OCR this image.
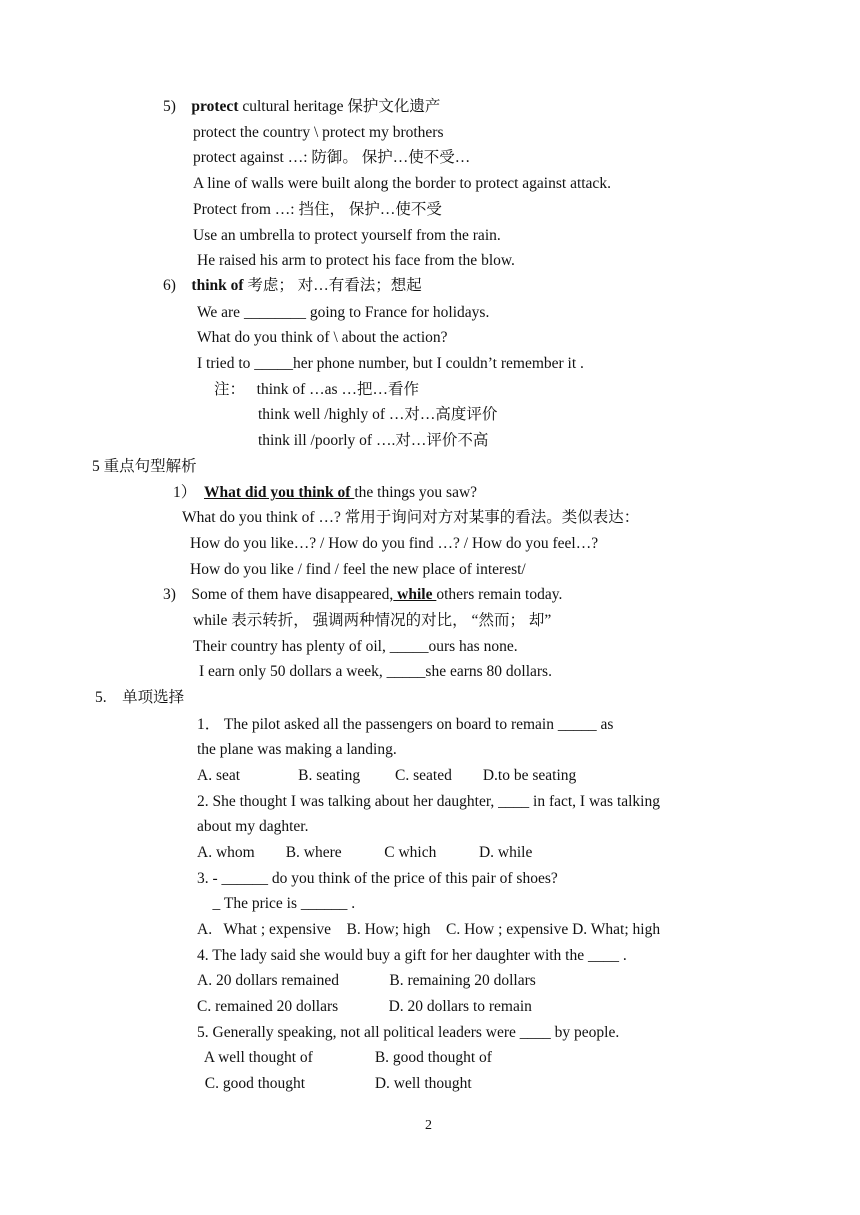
5) protect cultural heritage 保护文化遗产
protect the country \ protect my brothers
protect against …: 防御。 保护…使不受…
A line of walls were built along the border to protect against attack.
Protect from …: 挡住， 保护…使不受
Use an umbrella to protect yourself from the rain.
He raised his arm to protect his face from the blow.
6) think of 考虑； 对…有看法；想起
We are ________ going to France for holidays.
What do you think of \ about the action?
I tried to _____her phone number, but I couldn’t remember it .
注： think of …as …把…看作
think well /highly of …对…高度评价
think ill /poorly of ….对…评价不高
5 重点句型解析
1） What did you think of the things you saw?
What do you think of …? 常用于询问对方对某事的看法。类似表达：
How do you like…? / How do you find …? / How do you feel…?
How do you like / find / feel the new place of interest/
3) Some of them have disappeared, while others remain today.
while 表示转折， 强调两种情况的对比， “然而； 却”
Their country has plenty of oil, _____ours has none.
I earn only 50 dollars a week, _____she earns 80 dollars.
5. 单项选择
1． The pilot asked all the passengers on board to remain _____ as
the plane was making a landing.
A. seat               B. seating         C. seated        D.to be seating
2. She thought I was talking about her daughter, ____ in fact, I was talking
about my daghter.
A. whom        B. where           C which           D. while
3. - ______ do you think of the price of this pair of shoes?
_ The price is ______ .
A.   What ; expensive    B. How; high    C. How ; expensive D. What; high
4. The lady said she would buy a gift for her daughter with the ____ .
A. 20 dollars remained             B. remaining 20 dollars
C. remained 20 dollars             D. 20 dollars to remain
5. Generally speaking, not all political leaders were ____ by people.
A well thought of                B. good thought of
C. good thought                  D. well thought
2
